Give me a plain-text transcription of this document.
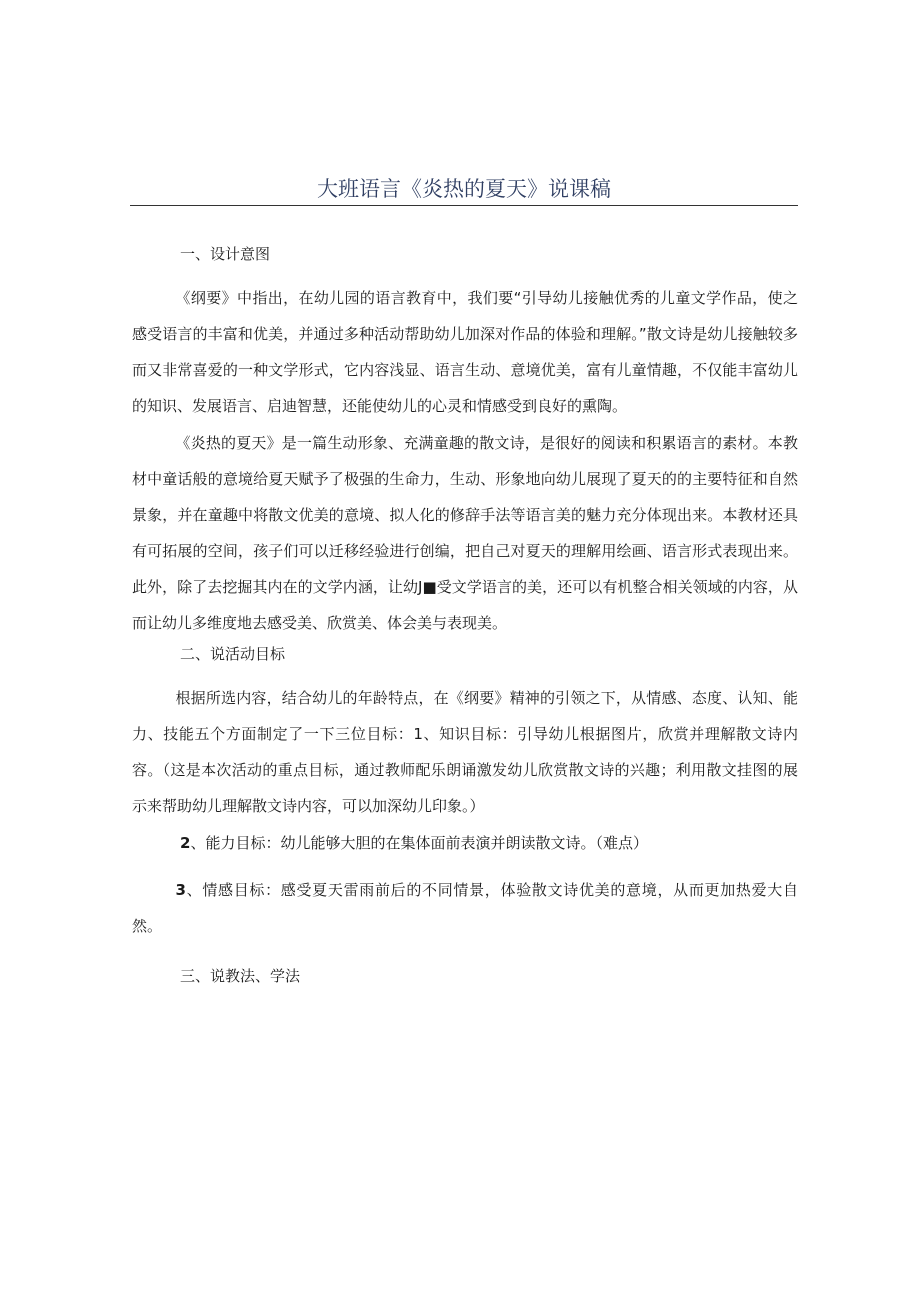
大班语言《炎热的夏天》说课稿
一、设计意图

《纲要》中指出，在幼儿园的语言教育中，我们要“引导幼儿接触优秀的儿童文学作品，使之感受语言的丰富和优美，并通过多种活动帮助幼儿加深对作品的体验和理解。”散文诗是幼儿接触较多而又非常喜爱的一种文学形式，它内容浅显、语言生动、意境优美，富有儿童情趣，不仅能丰富幼儿的知识、发展语言、启迪智慧，还能使幼儿的心灵和情感受到良好的熏陶。

《炎热的夏天》是一篇生动形象、充满童趣的散文诗，是很好的阅读和积累语言的素材。本教材中童话般的意境给夏天赋予了极强的生命力，生动、形象地向幼儿展现了夏天的的主要特征和自然景象，并在童趣中将散文优美的意境、拟人化的修辞手法等语言美的魅力充分体现出来。本教材还具有可拓展的空间，孩子们可以迁移经验进行创编，把自己对夏天的理解用绘画、语言形式表现出来。此外，除了去挖掘其内在的文学内涵，让幼J■受文学语言的美，还可以有机整合相关领域的内容，从而让幼儿多维度地去感受美、欣赏美、体会美与表现美。

二、说活动目标

根据所选内容，结合幼儿的年龄特点，在《纲要》精神的引领之下，从情感、态度、认知、能力、技能五个方面制定了一下三位目标：1、知识目标：引导幼儿根据图片，欣赏并理解散文诗内容。（这是本次活动的重点目标，通过教师配乐朗诵激发幼儿欣赏散文诗的兴趣；利用散文挂图的展示来帮助幼儿理解散文诗内容，可以加深幼儿印象。）

2、能力目标：幼儿能够大胆的在集体面前表演并朗读散文诗。（难点）

3、情感目标：感受夏天雷雨前后的不同情景，体验散文诗优美的意境，从而更加热爱大自然。

三、说教法、学法
